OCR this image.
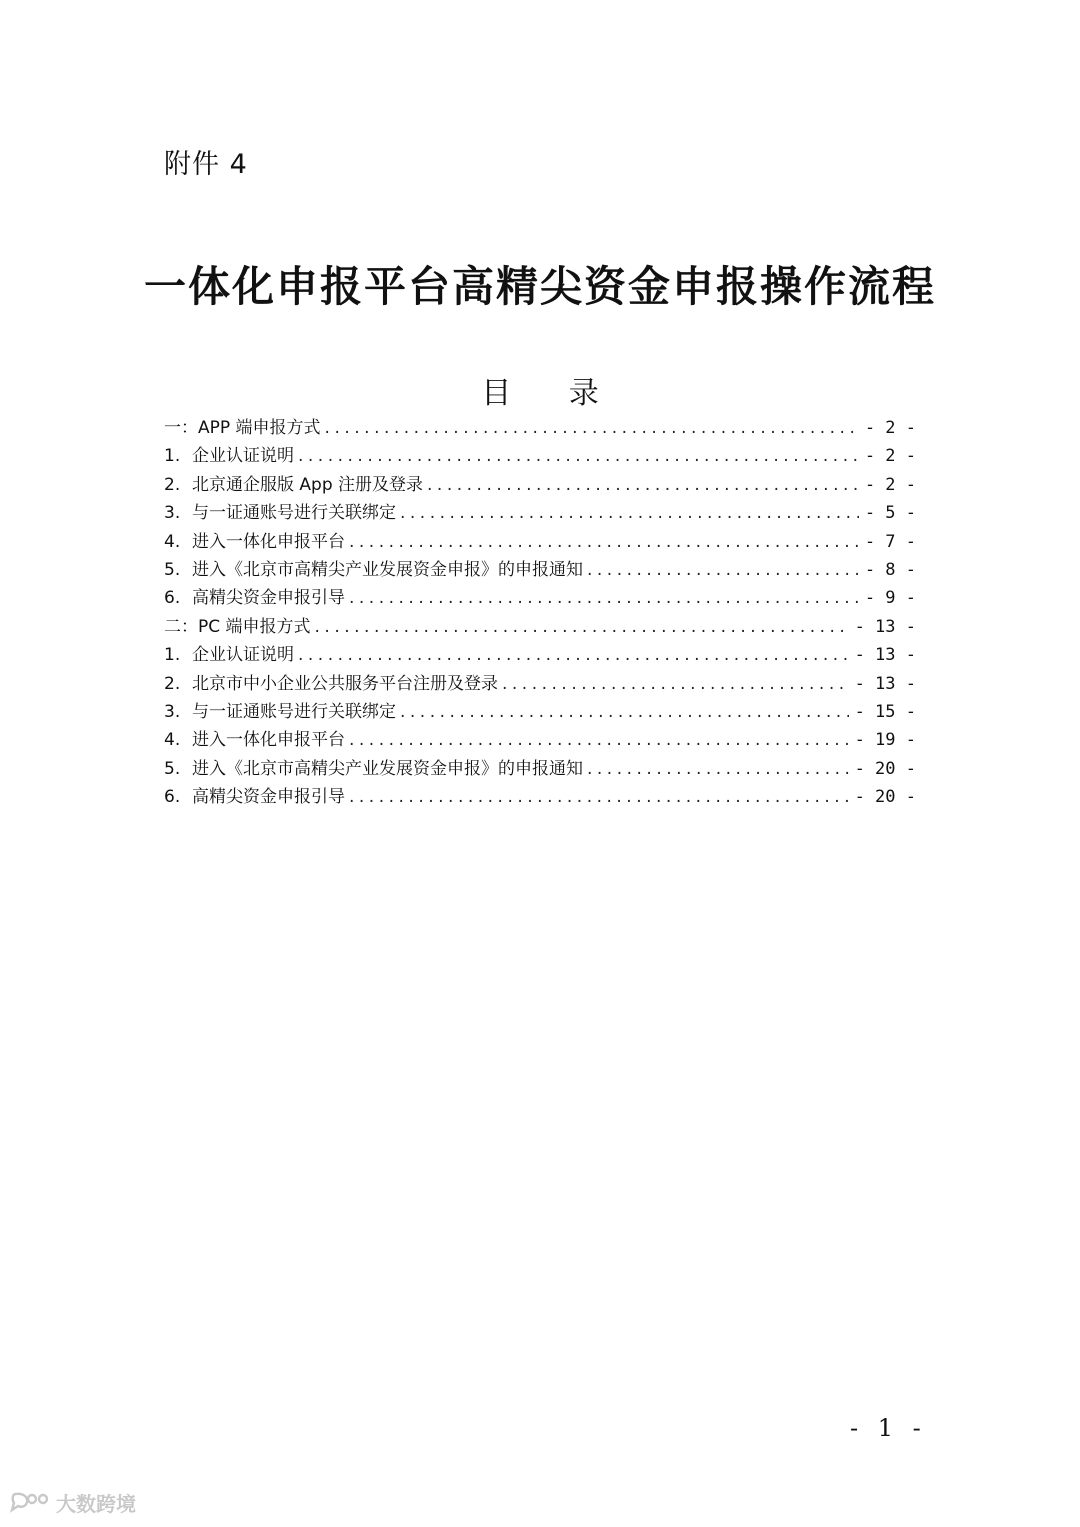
附件 4
一体化申报平台高精尖资金申报操作流程
目 录
一：APP 端申报方式 .....	- 2 -
1. 企业认证说明 .....	- 2 -
2. 北京通企服版 App 注册及登录 .....	- 2 -
3. 与一证通账号进行关联绑定 .....	- 5 -
4. 进入一体化申报平台 .....	- 7 -
5. 进入《北京市高精尖产业发展资金申报》的申报通知 .....	- 8 -
6. 高精尖资金申报引导 .....	- 9 -
二：PC 端申报方式 .....	- 13 -
1. 企业认证说明 .....	- 13 -
2. 北京市中小企业公共服务平台注册及登录 .....	- 13 -
3. 与一证通账号进行关联绑定 .....	- 15 -
4. 进入一体化申报平台 .....	- 19 -
5. 进入《北京市高精尖产业发展资金申报》的申报通知 .....	- 20 -
6. 高精尖资金申报引导 .....	- 20 -
- 1 -
大数跨境
